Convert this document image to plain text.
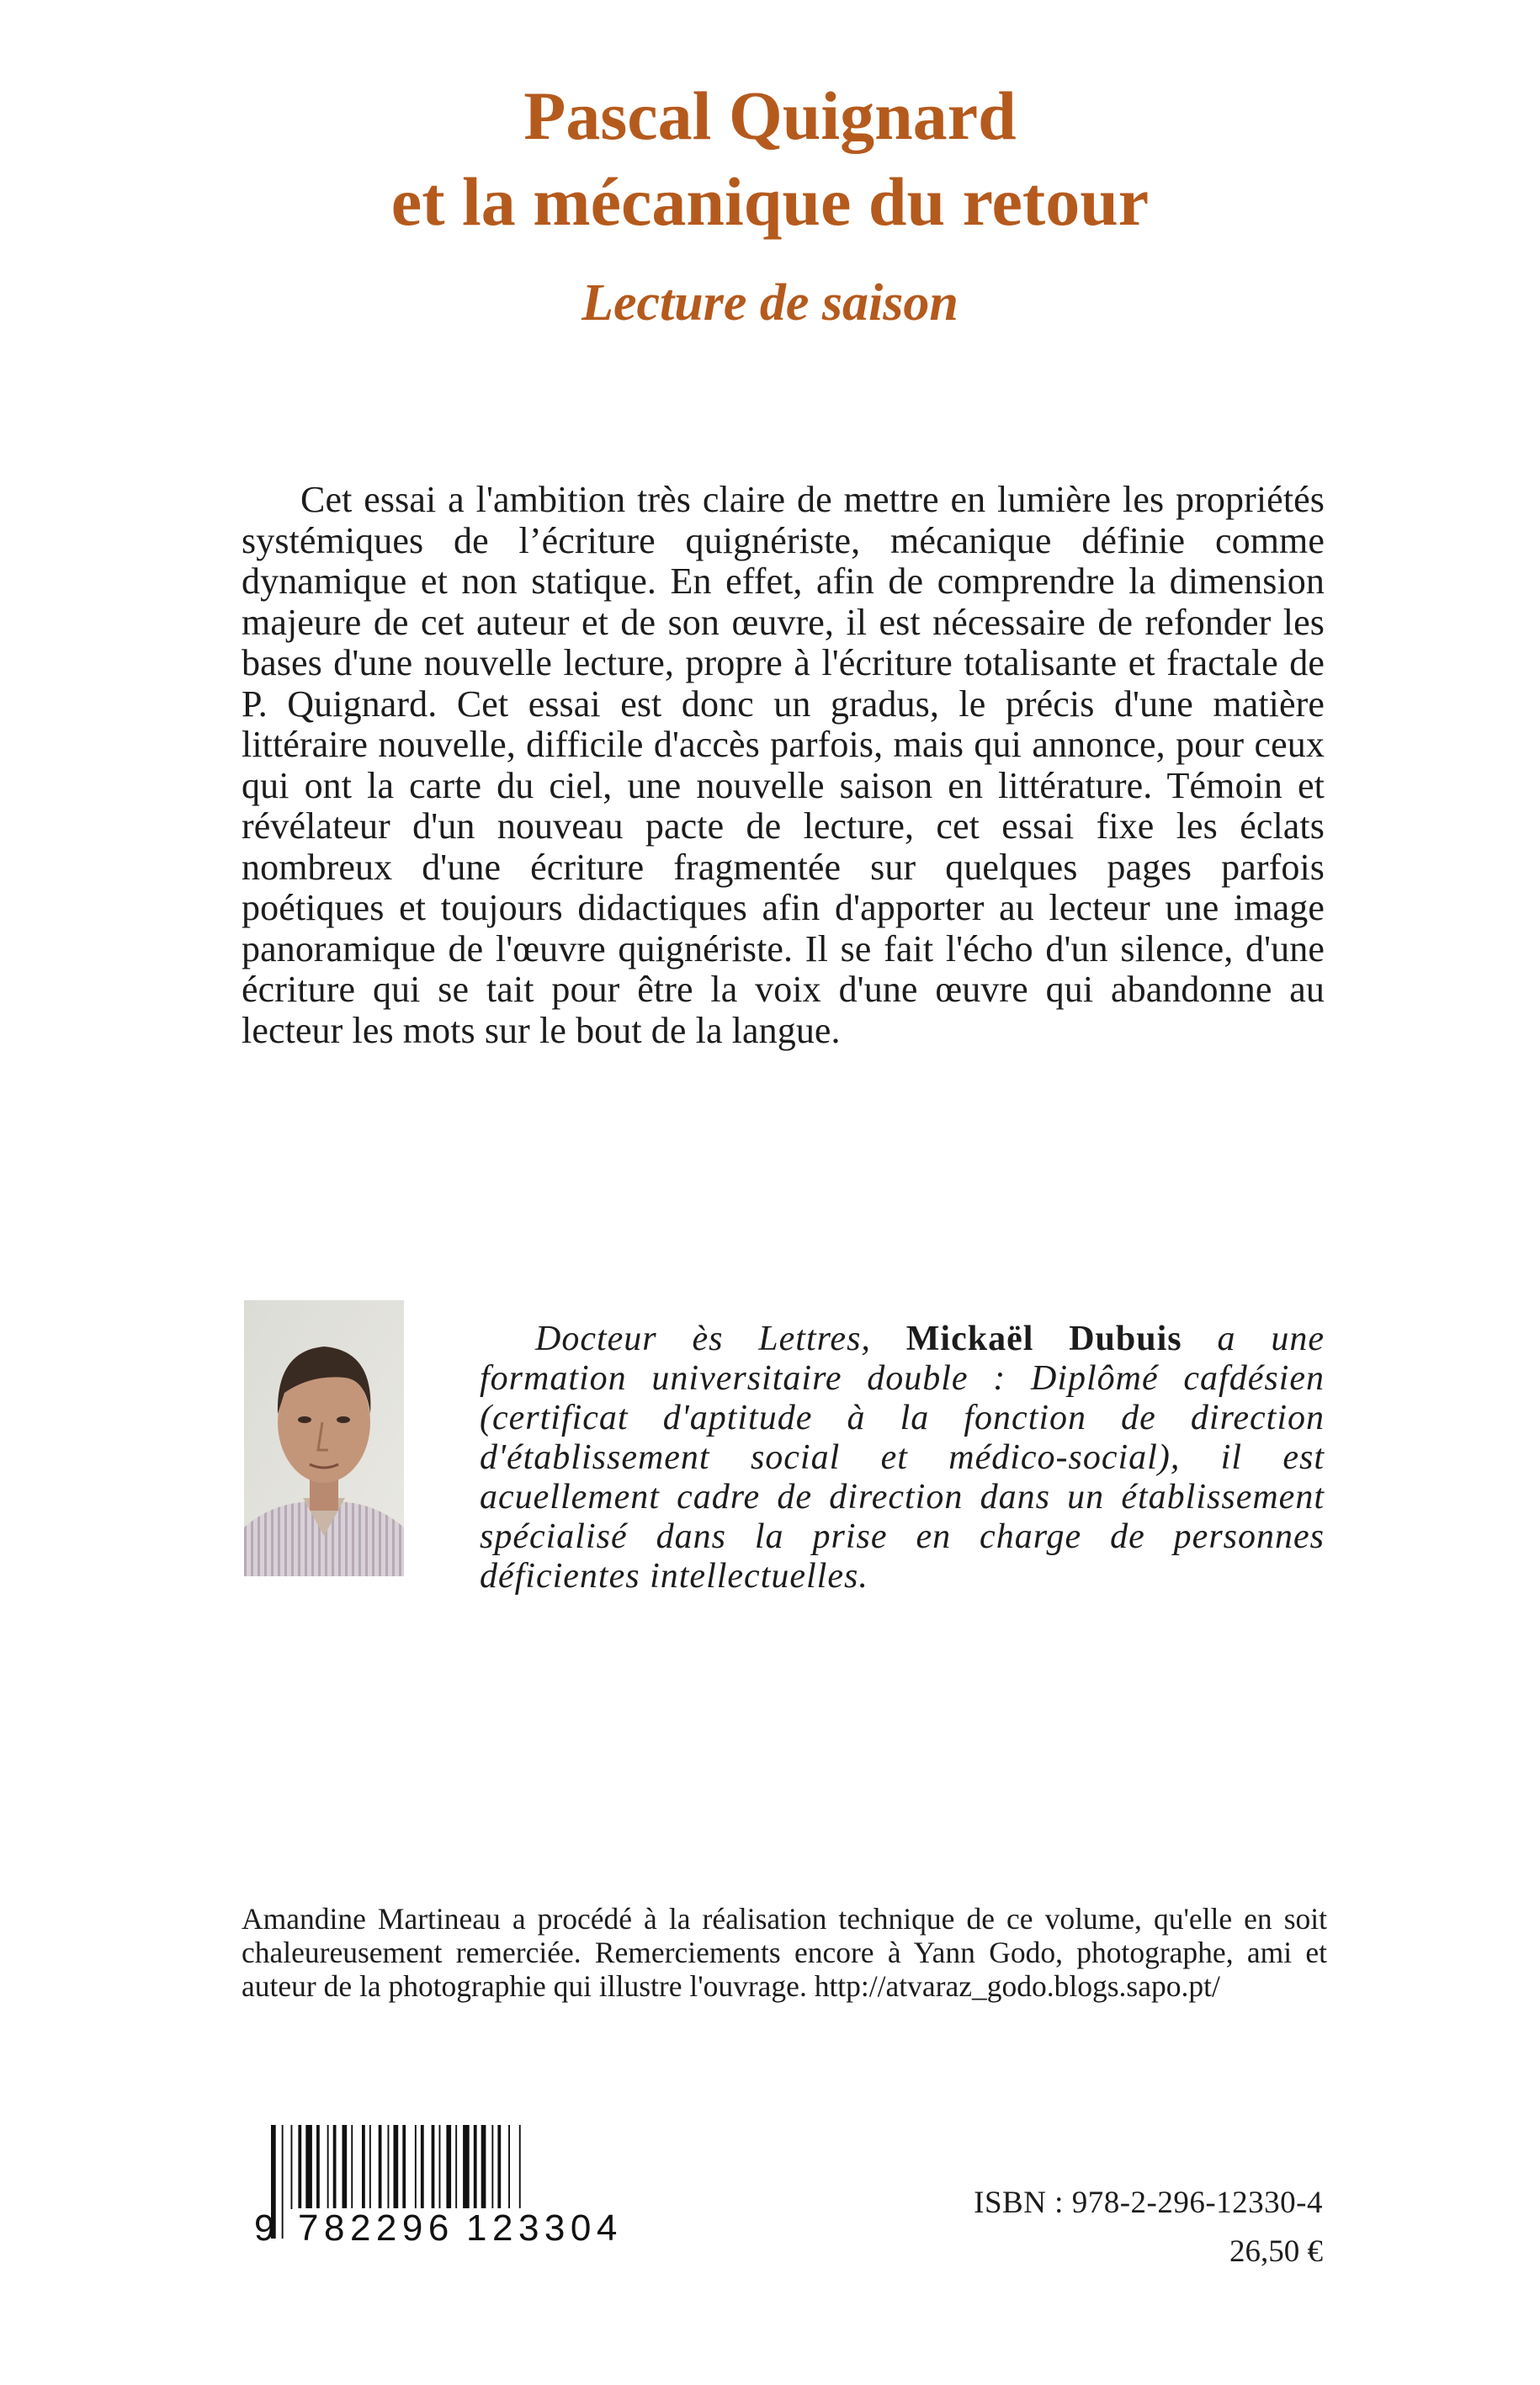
Pascal Quignard
et la mécanique du retour
Lecture de saison

Cet essai a l'ambition très claire de mettre en lumière les propriétés systémiques de l’écriture quignériste, mécanique définie comme dynamique et non statique. En effet, afin de comprendre la dimension majeure de cet auteur et de son œuvre, il est nécessaire de refonder les bases d'une nouvelle lecture, propre à l'écriture totalisante et fractale de P. Quignard. Cet essai est donc un gradus, le précis d'une matière littéraire nouvelle, difficile d'accès parfois, mais qui annonce, pour ceux qui ont la carte du ciel, une nouvelle saison en littérature. Témoin et révélateur d'un nouveau pacte de lecture, cet essai fixe les éclats nombreux d'une écriture fragmentée sur quelques pages parfois poétiques et toujours didactiques afin d'apporter au lecteur une image panoramique de l'œuvre quignériste. Il se fait l'écho d'un silence, d'une écriture qui se tait pour être la voix d'une œuvre qui abandonne au lecteur les mots sur le bout de la langue.

Docteur ès Lettres, Mickaël Dubuis a une formation universitaire double : Diplômé cafdésien (certificat d'aptitude à la fonction de direction d'établissement social et médico-social), il est acuellement cadre de direction dans un établissement spécialisé dans la prise en charge de personnes déficientes intellectuelles.

Amandine Martineau a procédé à la réalisation technique de ce volume, qu'elle en soit chaleureusement remerciée. Remerciements encore à Yann Godo, photographe, ami et auteur de la photographie qui illustre l'ouvrage. http://atvaraz_godo.blogs.sapo.pt/

9 782296 123304

ISBN : 978-2-296-12330-4

26,50 €
